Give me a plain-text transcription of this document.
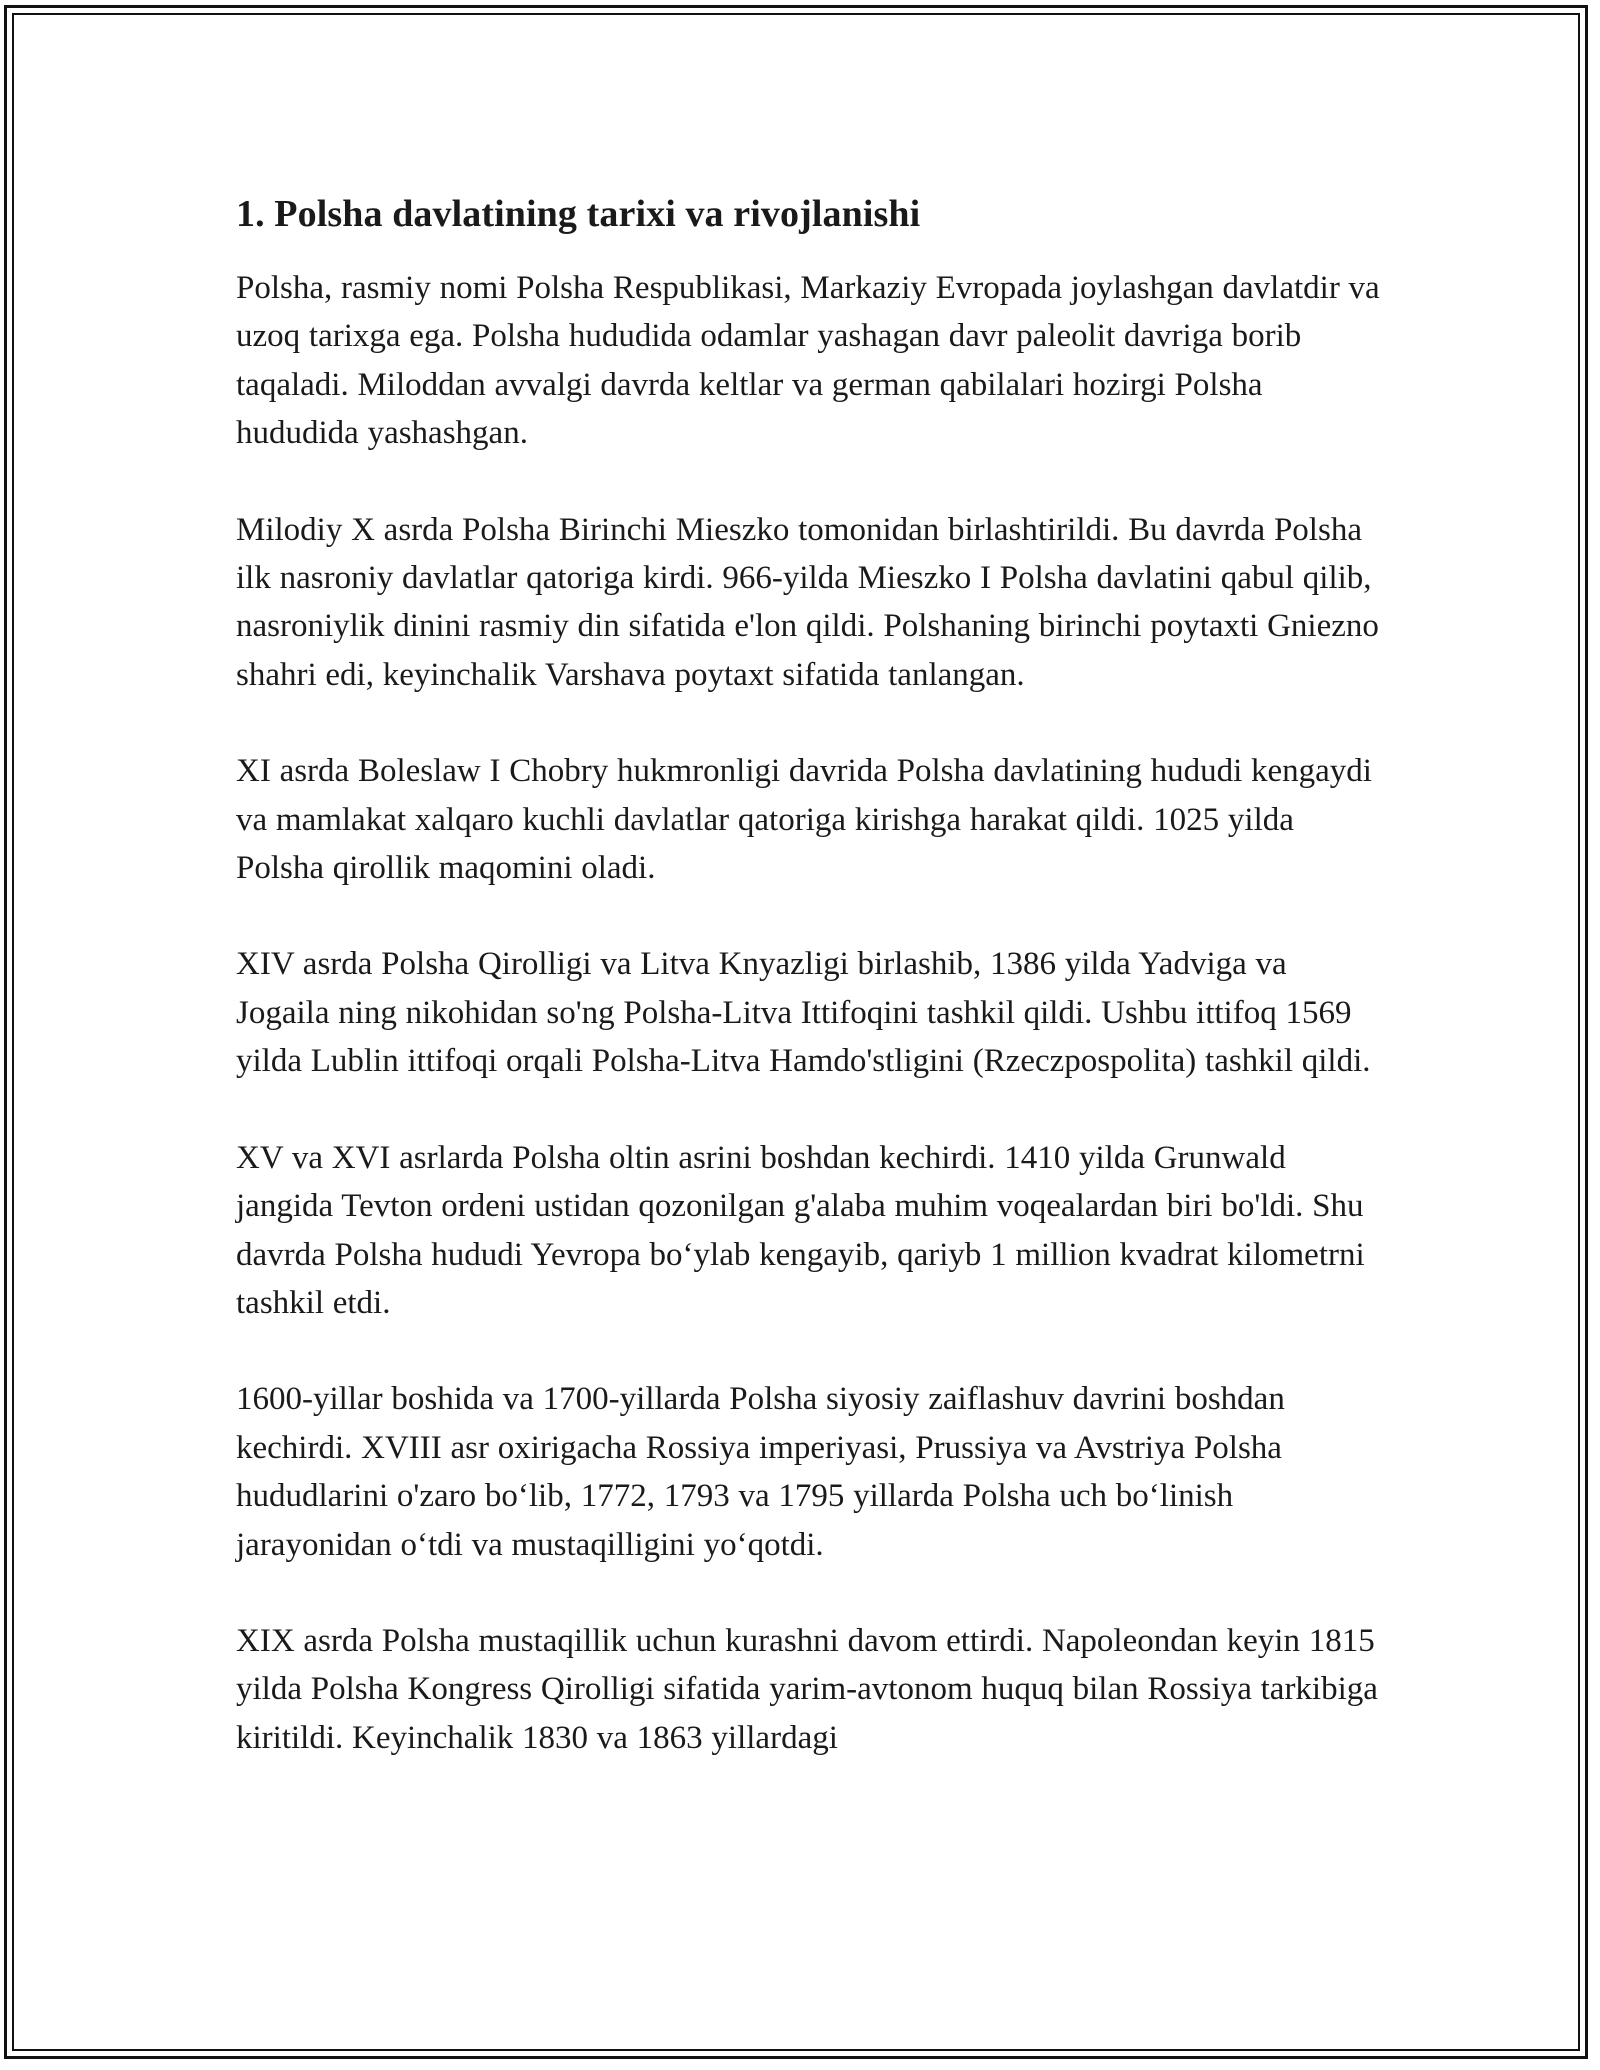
1. Polsha davlatining tarixi va rivojlanishi

Polsha, rasmiy nomi Polsha Respublikasi, Markaziy Evropada joylashgan davlatdir va uzoq tarixga ega. Polsha hududida odamlar yashagan davr paleolit davriga borib taqaladi. Miloddan avvalgi davrda keltlar va german qabilalari hozirgi Polsha hududida yashashgan.

Milodiy X asrda Polsha Birinchi Mieszko tomonidan birlashtirildi. Bu davrda Polsha ilk nasroniy davlatlar qatoriga kirdi. 966-yilda Mieszko I Polsha davlatini qabul qilib, nasroniylik dinini rasmiy din sifatida e'lon qildi. Polshaning birinchi poytaxti Gniezno shahri edi, keyinchalik Varshava poytaxt sifatida tanlangan.

XI asrda Boleslaw I Chobry hukmronligi davrida Polsha davlatining hududi kengaydi va mamlakat xalqaro kuchli davlatlar qatoriga kirishga harakat qildi. 1025 yilda Polsha qirollik maqomini oladi.

XIV asrda Polsha Qirolligi va Litva Knyazligi birlashib, 1386 yilda Yadviga va Jogaila ning nikohidan so'ng Polsha-Litva Ittifoqini tashkil qildi. Ushbu ittifoq 1569 yilda Lublin ittifoqi orqali Polsha-Litva Hamdo'stligini (Rzeczpospolita) tashkil qildi.

XV va XVI asrlarda Polsha oltin asrini boshdan kechirdi. 1410 yilda Grunwald jangida Tevton ordeni ustidan qozonilgan g'alaba muhim voqealardan biri bo'ldi. Shu davrda Polsha hududi Yevropa bo‘ylab kengayib, qariyb 1 million kvadrat kilometrni tashkil etdi.

1600-yillar boshida va 1700-yillarda Polsha siyosiy zaiflashuv davrini boshdan kechirdi. XVIII asr oxirigacha Rossiya imperiyasi, Prussiya va Avstriya Polsha hududlarini o'zaro bo‘lib, 1772, 1793 va 1795 yillarda Polsha uch bo‘linish jarayonidan o‘tdi va mustaqilligini yo‘qotdi.

XIX asrda Polsha mustaqillik uchun kurashni davom ettirdi. Napoleondan keyin 1815 yilda Polsha Kongress Qirolligi sifatida yarim-avtonom huquq bilan Rossiya tarkibiga kiritildi. Keyinchalik 1830 va 1863 yillardagi
